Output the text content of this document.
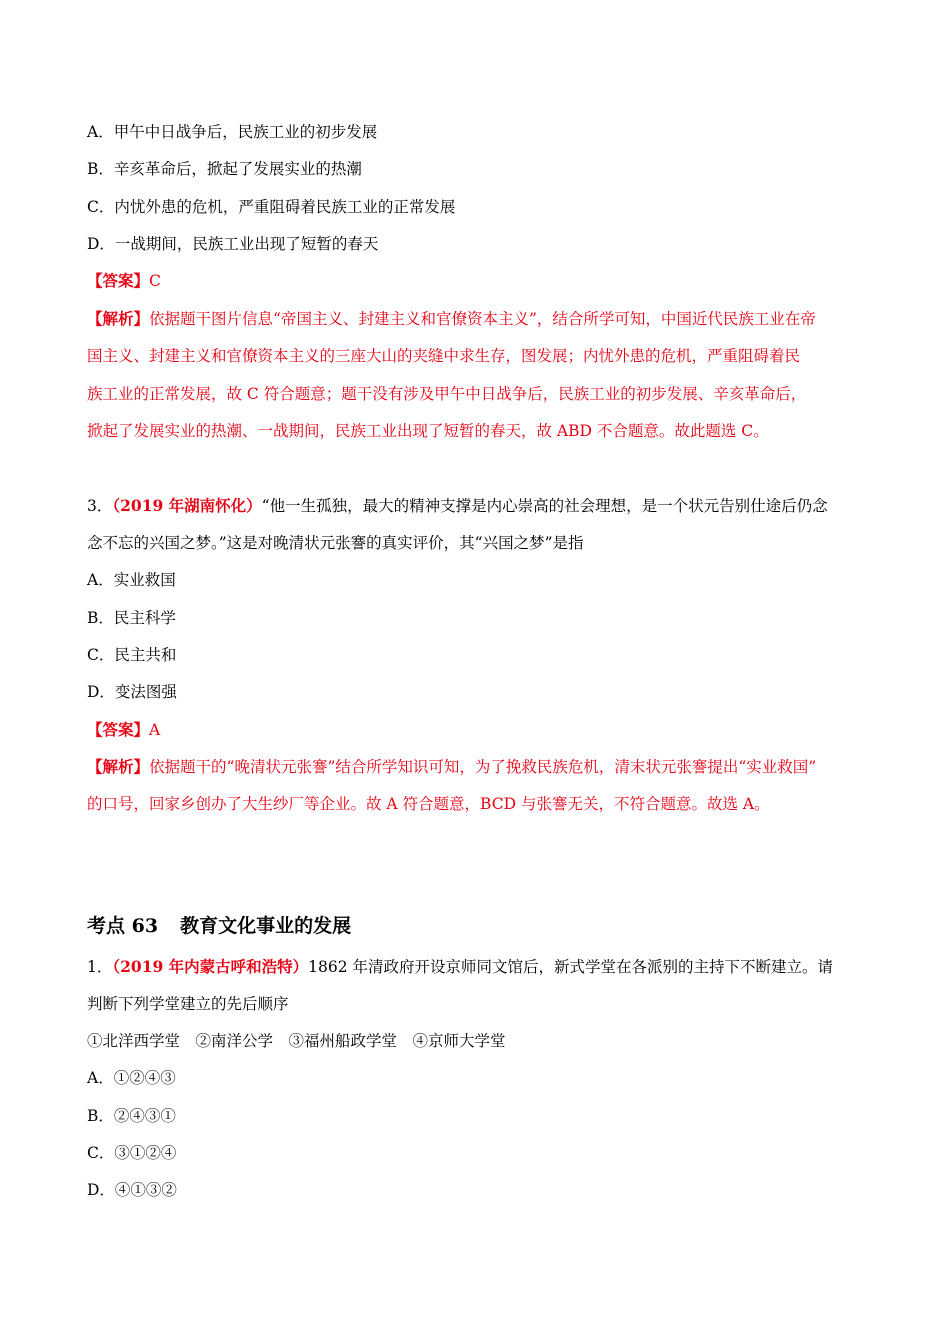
A．甲午中日战争后，民族工业的初步发展
B．辛亥革命后，掀起了发展实业的热潮
C．内忧外患的危机，严重阻碍着民族工业的正常发展
D．一战期间，民族工业出现了短暂的春天
【答案】C
【解析】依据题干图片信息“帝国主义、封建主义和官僚资本主义”，结合所学可知，中国近代民族工业在帝
国主义、封建主义和官僚资本主义的三座大山的夹缝中求生存，图发展；内忧外患的危机，严重阻碍着民
族工业的正常发展，故 C 符合题意；题干没有涉及甲午中日战争后，民族工业的初步发展、辛亥革命后，
掀起了发展实业的热潮、一战期间，民族工业出现了短暂的春天，故 ABD 不合题意。故此题选 C。
3．（2019 年湖南怀化）“他一生孤独，最大的精神支撑是内心崇高的社会理想，是一个状元告别仕途后仍念
念不忘的兴国之梦。”这是对晚清状元张謇的真实评价，其“兴国之梦”是指
A．实业救国
B．民主科学
C．民主共和
D．变法图强
【答案】A
【解析】依据题干的“晚清状元张謇”结合所学知识可知，为了挽救民族危机，清末状元张謇提出“实业救国”
的口号，回家乡创办了大生纱厂等企业。故 A 符合题意，BCD 与张謇无关，不符合题意。故选 A。
考点 63 教育文化事业的发展
1．（2019 年内蒙古呼和浩特）1862 年清政府开设京师同文馆后，新式学堂在各派别的主持下不断建立。请
判断下列学堂建立的先后顺序
①北洋西学堂　②南洋公学　③福州船政学堂　④京师大学堂
A．①②④③
B．②④③①
C．③①②④
D．④①③②
